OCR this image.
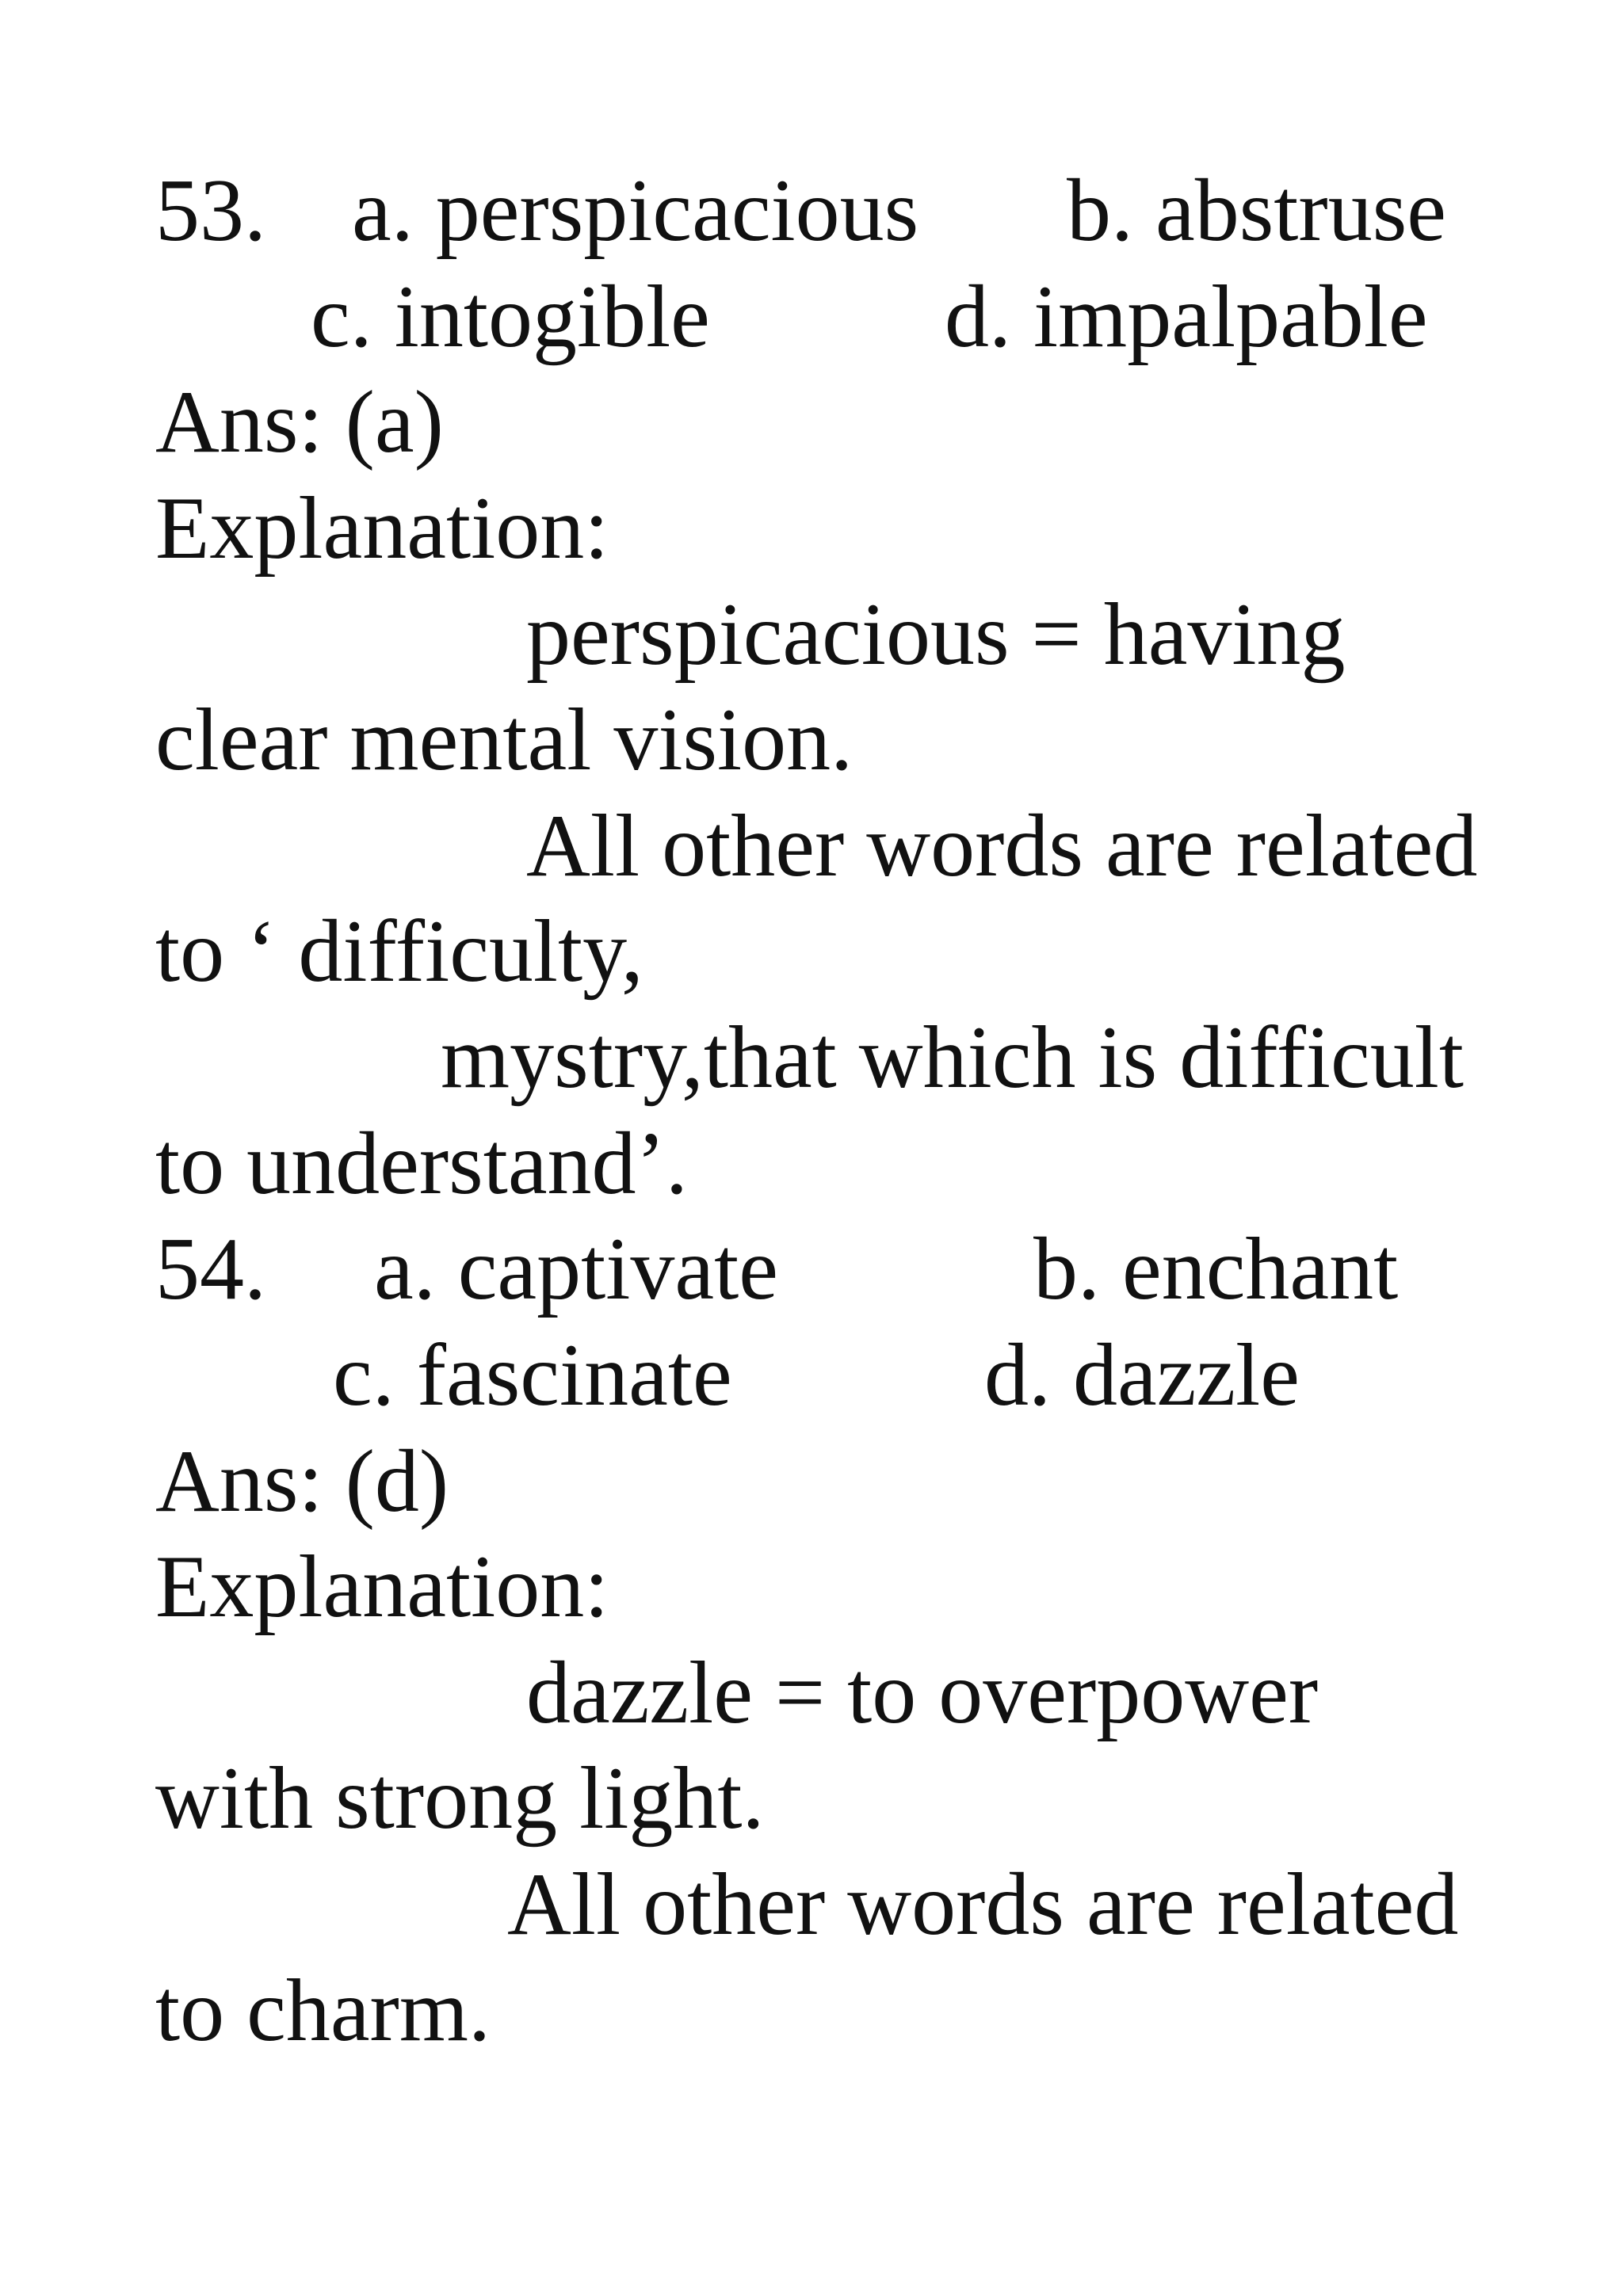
53. a. perspicacious b. abstruse
c. intogible	d. impalpable
Ans: (a)
Explanation:
perspicacious = having
clear mental vision.
All other words are related
to ‘ difficulty,
mystry,that which is difficult
to understand’.
54. a. captivate	b. enchant
c. fascinate	d. dazzle
Ans: (d)
Explanation:
dazzle = to overpower
with strong light.
All other words are related
to charm.
